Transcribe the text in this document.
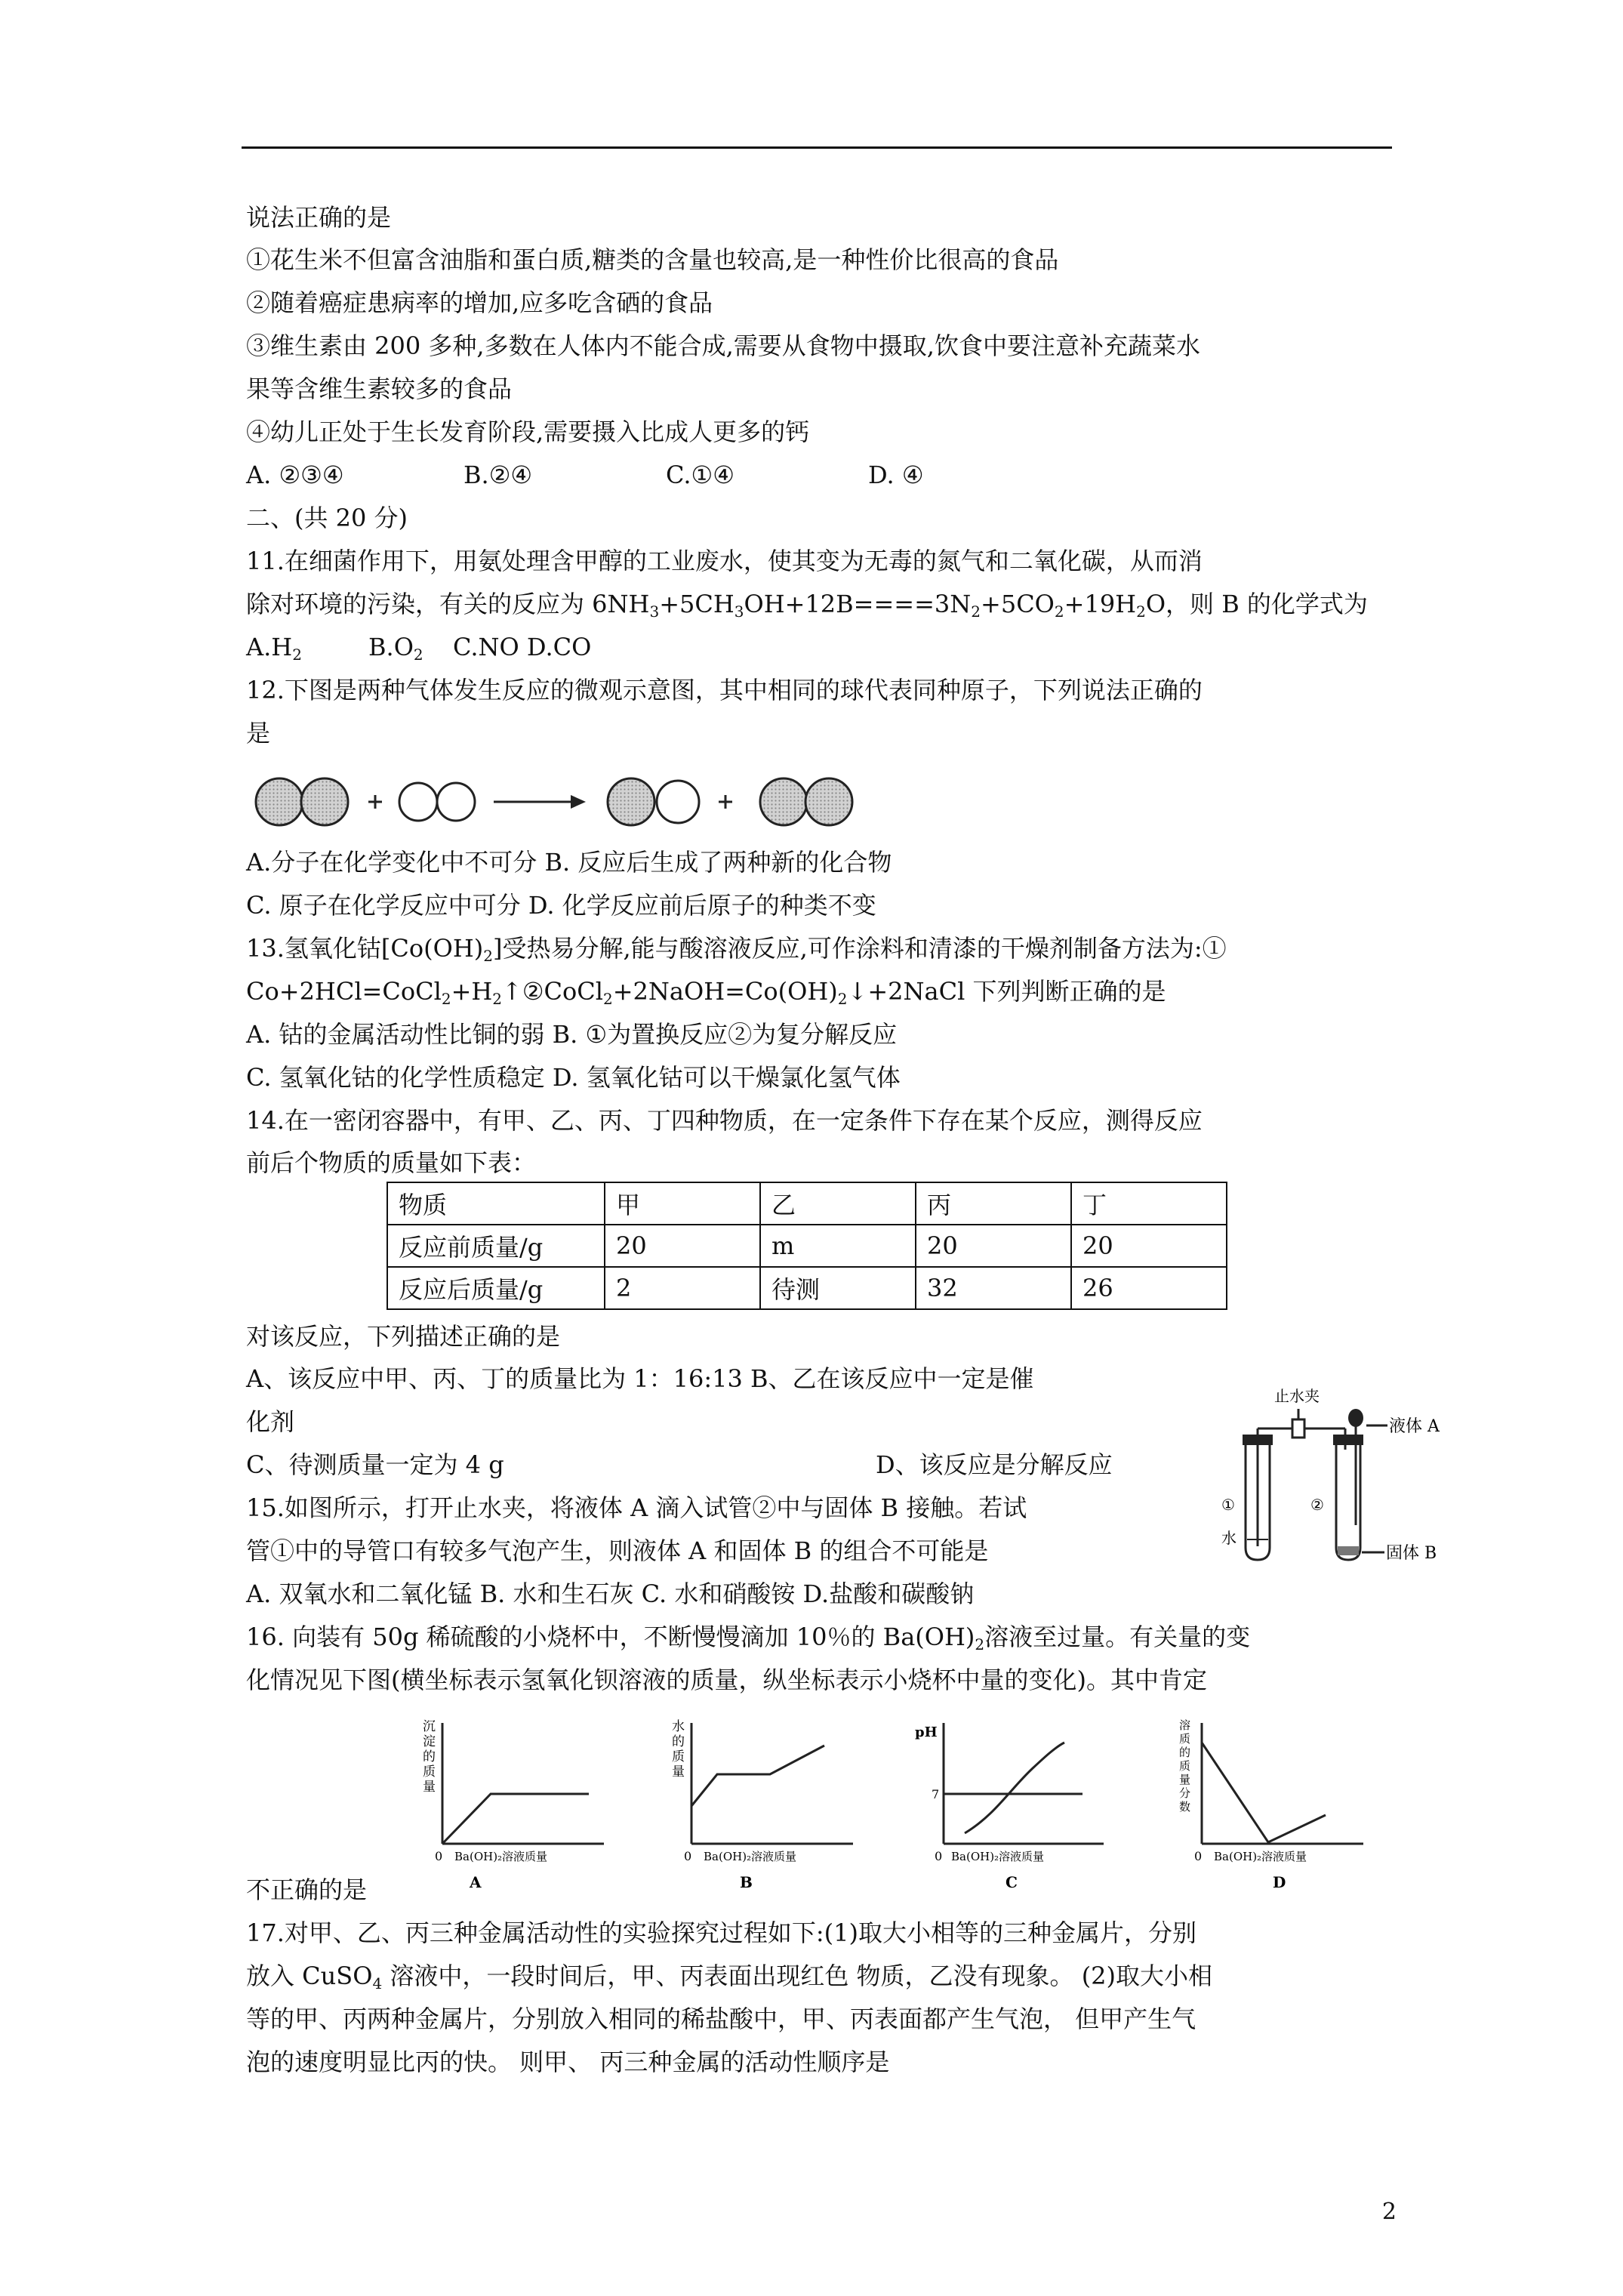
说法正确的是
①花生米不但富含油脂和蛋白质,糖类的含量也较高,是一种性价比很高的食品
②随着癌症患病率的增加,应多吃含硒的食品
③维生素由 200 多种,多数在人体内不能合成,需要从食物中摄取,饮食中要注意补充蔬菜水
果等含维生素较多的食品
④幼儿正处于生长发育阶段,需要摄入比成人更多的钙
A. ②③④	B.②④	C.①④	D. ④
二、(共 20 分)
11.在细菌作用下，用氨处理含甲醇的工业废水，使其变为无毒的氮气和二氧化碳，从而消
除对环境的污染，有关的反应为 $6NH_3+5CH_3OH+12B====3N_2+5CO_2+19H_2O$，则 B 的化学式为
$A.H_2$	$B.O_2$ C.NO D.CO
12.下图是两种气体发生反应的微观示意图，其中相同的球代表同种原子，下列说法正确的
是
A.分子在化学变化中不可分 B. 反应后生成了两种新的化合物
C. 原子在化学反应中可分 D. 化学反应前后原子的种类不变
13.氢氧化钴$[Co(OH)_2]$受热易分解,能与酸溶液反应,可作涂料和清漆的干燥剂制备方法为:①
$Co+2HCl=CoCl_2+H_2↑②CoCl_2+2NaOH=Co(OH)_2↓+2NaCl$ 下列判断正确的是
A. 钴的金属活动性比铜的弱 B. ①为置换反应②为复分解反应
C. 氢氧化钴的化学性质稳定 D. 氢氧化钴可以干燥氯化氢气体
14.在一密闭容器中，有甲、乙、丙、丁四种物质，在一定条件下存在某个反应，测得反应
前后个物质的质量如下表：
物质	甲	乙	丙	丁
反应前质量/g	20	m	20	20
反应后质量/g	2	待测	32	26
对该反应，下列描述正确的是
A、该反应中甲、丙、丁的质量比为 1：16:13 B、乙在该反应中一定是催
化剂
C、待测质量一定为 4 g	D、该反应是分解反应
止水夹
液体 A
①	②
水
固体 B
15.如图所示，打开止水夹，将液体 A 滴入试管②中与固体 B 接触。若试
管①中的导管口有较多气泡产生，则液体 A 和固体 B 的组合不可能是
A. 双氧水和二氧化锰 B. 水和生石灰 C. 水和硝酸铵 D.盐酸和碳酸钠
16. 向装有 50g 稀硫酸的小烧杯中，不断慢慢滴加 10％的 $Ba(OH)_2$溶液至过量。有关量的变
化情况见下图(横坐标表示氢氧化钡溶液的质量，纵坐标表示小烧杯中量的变化)。其中肯定
沉淀的质量
0 Ba(OH)₂溶液质量
A
水的质量
0 Ba(OH)₂溶液质量
B
pH
7
0 Ba(OH)₂溶液质量
C
溶质的质量分数
0 Ba(OH)₂溶液质量
D
不正确的是
17.对甲、乙、丙三种金属活动性的实验探究过程如下:(1)取大小相等的三种金属片，分别
放入 CuSO$_4$ 溶液中，一段时间后，甲、丙表面出现红色 物质，乙没有现象。 (2)取大小相
等的甲、丙两种金属片，分别放入相同的稀盐酸中，甲、丙表面都产生气泡， 但甲产生气
泡的速度明显比丙的快。 则甲、 丙三种金属的活动性顺序是
2
